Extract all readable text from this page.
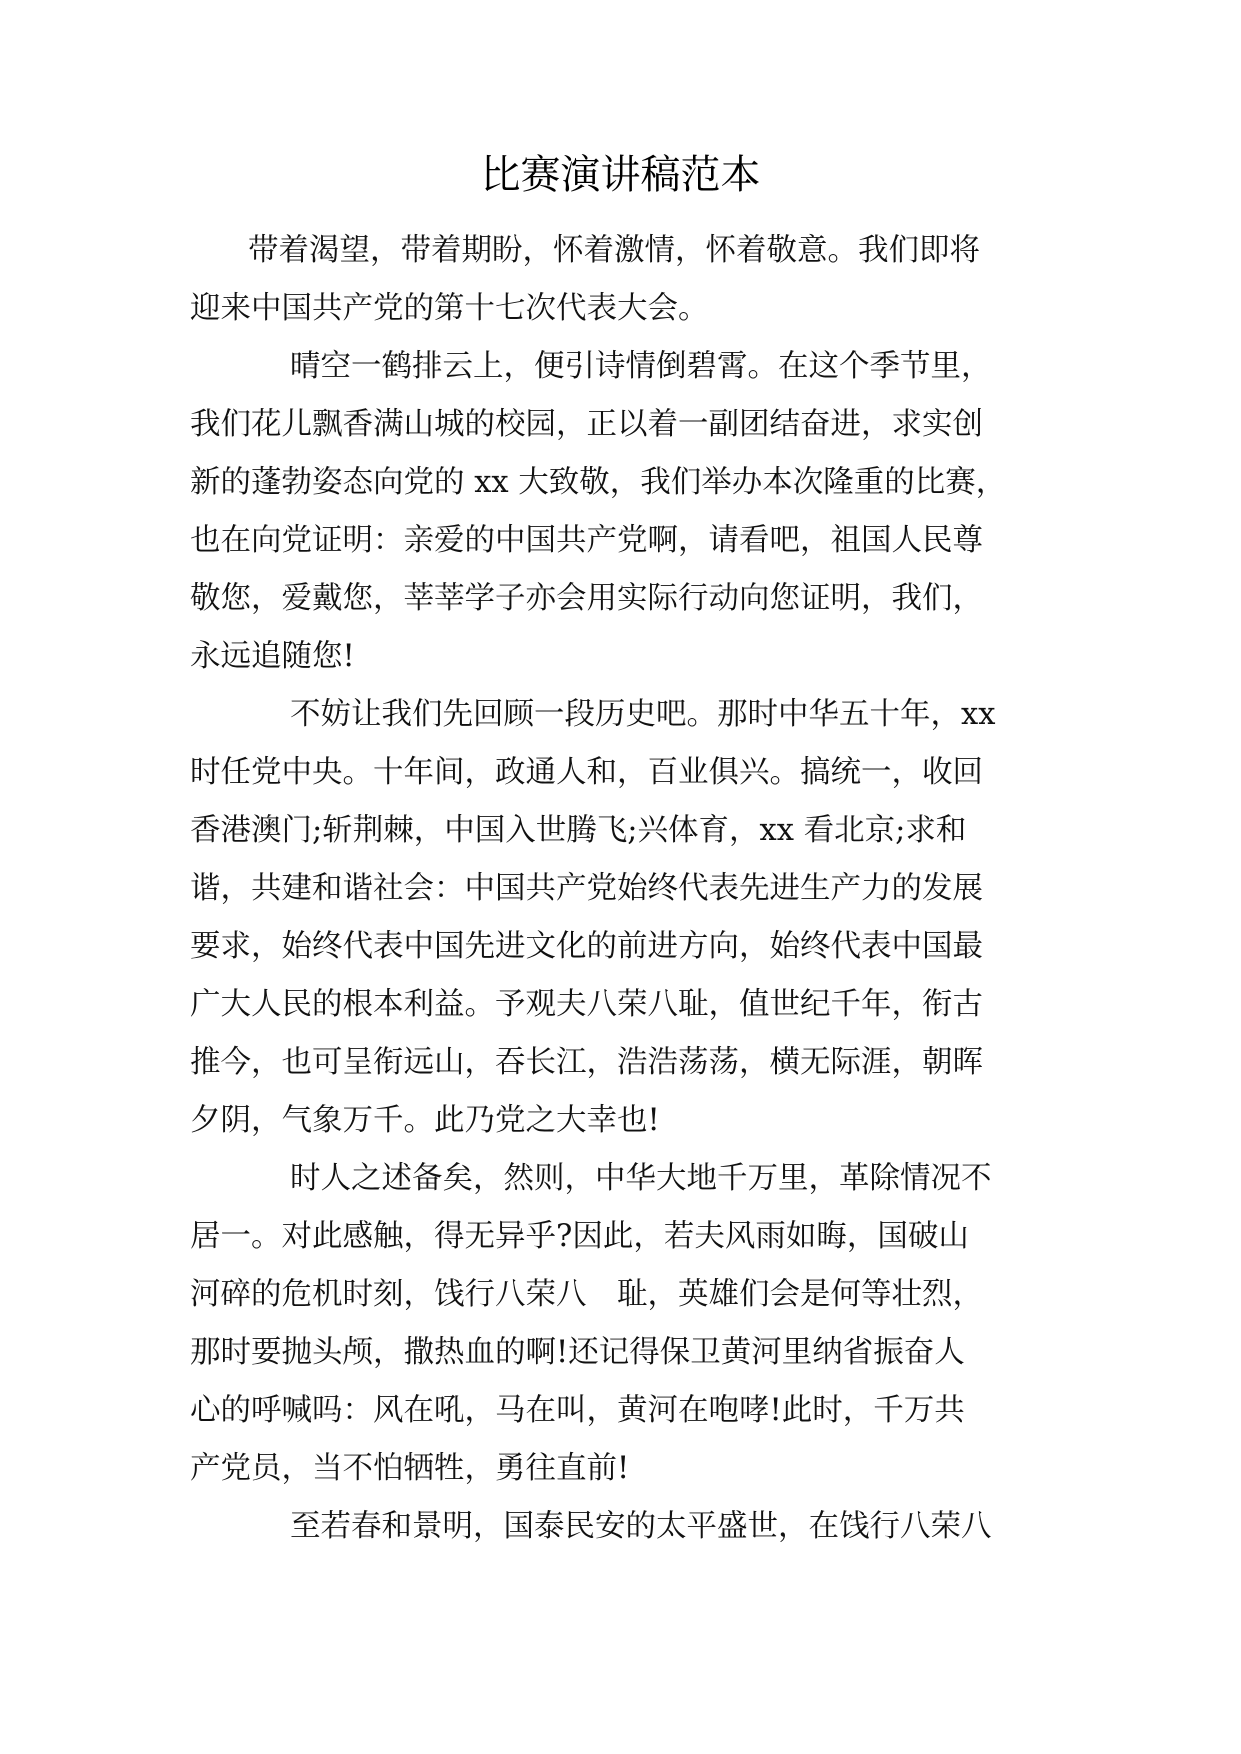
比赛演讲稿范本

带着渴望，带着期盼，怀着激情，怀着敬意。我们即将
迎来中国共产党的第十七次代表大会。

晴空一鹤排云上，便引诗情倒碧霄。在这个季节里，
我们花儿飘香满山城的校园，正以着一副团结奋进，求实创
新的蓬勃姿态向党的 xx 大致敬，我们举办本次隆重的比赛，
也在向党证明：亲爱的中国共产党啊，请看吧，祖国人民尊
敬您，爱戴您，莘莘学子亦会用实际行动向您证明，我们，
永远追随您!

不妨让我们先回顾一段历史吧。那时中华五十年，xx
时任党中央。十年间，政通人和，百业俱兴。搞统一，收回
香港澳门;斩荆棘，中国入世腾飞;兴体育，xx 看北京;求和
谐，共建和谐社会：中国共产党始终代表先进生产力的发展
要求，始终代表中国先进文化的前进方向，始终代表中国最
广大人民的根本利益。予观夫八荣八耻，值世纪千年，衔古
推今，也可呈衔远山，吞长江，浩浩荡荡，横无际涯，朝晖
夕阴，气象万千。此乃党之大幸也!

时人之述备矣，然则，中华大地千万里，革除情况不
居一。对此感触，得无异乎?因此，若夫风雨如晦，国破山
河碎的危机时刻，饯行八荣八　耻，英雄们会是何等壮烈，
那时要抛头颅，撒热血的啊!还记得保卫黄河里纳省振奋人
心的呼喊吗：风在吼，马在叫，黄河在咆哮!此时，千万共
产党员，当不怕牺牲，勇往直前!

至若春和景明，国泰民安的太平盛世，在饯行八荣八
